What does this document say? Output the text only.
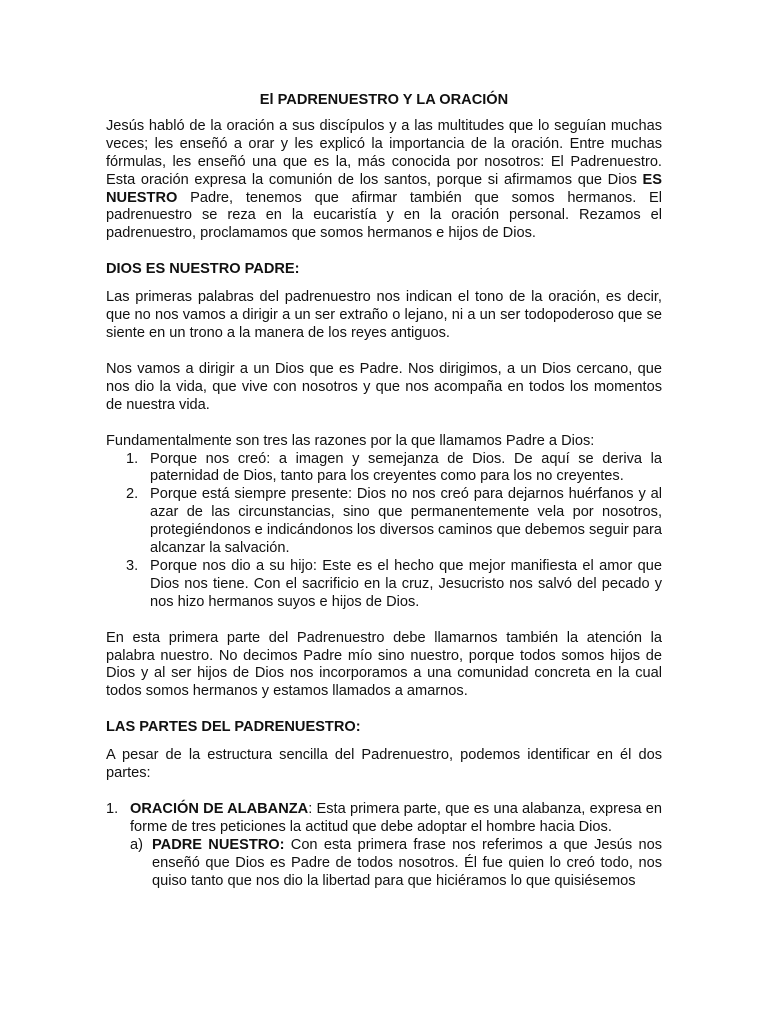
El PADRENUESTRO Y LA ORACIÓN

Jesús habló de la oración a sus discípulos y a las multitudes que lo seguían muchas veces; les enseñó a orar y les explicó la importancia de la oración. Entre muchas fórmulas, les enseñó una que es la, más conocida por nosotros: El Padrenuestro. Esta oración expresa la comunión de los santos, porque si afirmamos que Dios ES NUESTRO Padre, tenemos que afirmar también que somos hermanos. El padrenuestro se reza en la eucaristía y en la oración personal. Rezamos el padrenuestro, proclamamos que somos hermanos e hijos de Dios.

DIOS ES NUESTRO PADRE:

Las primeras palabras del padrenuestro nos indican el tono de la oración, es decir, que no nos vamos a dirigir a un ser extraño o lejano, ni a un ser todopoderoso que se siente en un trono a la manera de los reyes antiguos.

Nos vamos a dirigir a un Dios que es Padre. Nos dirigimos, a un Dios cercano, que nos dio la vida, que vive con nosotros y que nos acompaña en todos los momentos de nuestra vida.

Fundamentalmente son tres las razones por la que llamamos Padre a Dios:

1. Porque nos creó: a imagen y semejanza de Dios. De aquí se deriva la paternidad de Dios, tanto para los creyentes como para los no creyentes.
2. Porque está siempre presente: Dios no nos creó para dejarnos huérfanos y al azar de las circunstancias, sino que permanentemente vela por nosotros, protegiéndonos e indicándonos los diversos caminos que debemos seguir para alcanzar la salvación.
3. Porque nos dio a su hijo: Este es el hecho que mejor manifiesta el amor que Dios nos tiene. Con el sacrificio en la cruz, Jesucristo nos salvó del pecado y nos hizo hermanos suyos e hijos de Dios.

En esta primera parte del Padrenuestro debe llamarnos también la atención la palabra nuestro. No decimos Padre mío sino nuestro, porque todos somos hijos de Dios y al ser hijos de Dios nos incorporamos a una comunidad concreta en la cual todos somos hermanos y estamos llamados a amarnos.

LAS PARTES DEL PADRENUESTRO:

A pesar de la estructura sencilla del Padrenuestro, podemos identificar en él dos partes:

1. ORACIÓN DE ALABANZA: Esta primera parte, que es una alabanza, expresa en forme de tres peticiones la actitud que debe adoptar el hombre hacia Dios.
a) PADRE NUESTRO: Con esta primera frase nos referimos a que Jesús nos enseñó que Dios es Padre de todos nosotros. Él fue quien lo creó todo, nos quiso tanto que nos dio la libertad para que hiciéramos lo que quisiésemos
